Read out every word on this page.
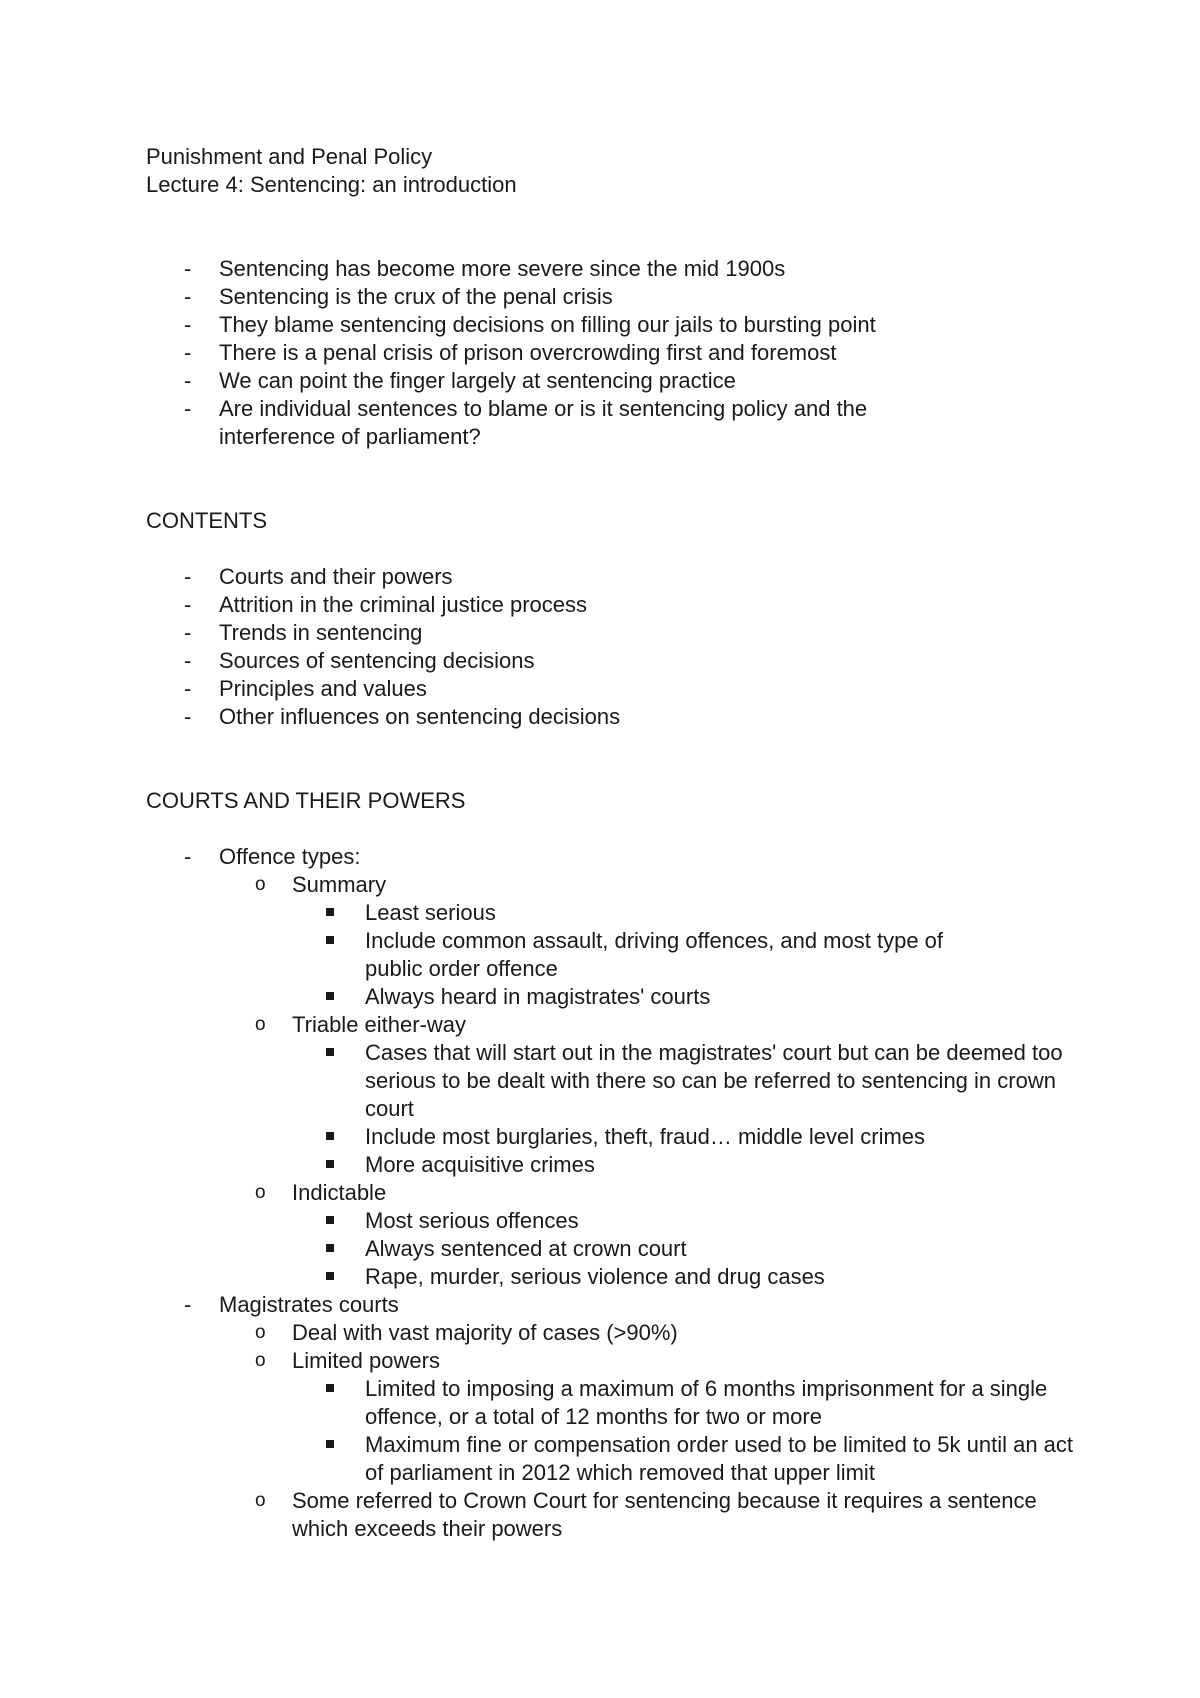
Punishment and Penal Policy
Lecture 4: Sentencing: an introduction
- Sentencing has become more severe since the mid 1900s
- Sentencing is the crux of the penal crisis
- They blame sentencing decisions on filling our jails to bursting point
- There is a penal crisis of prison overcrowding first and foremost
- We can point the finger largely at sentencing practice
- Are individual sentences to blame or is it sentencing policy and the interference of parliament?
CONTENTS
- Courts and their powers
- Attrition in the criminal justice process
- Trends in sentencing
- Sources of sentencing decisions
- Principles and values
- Other influences on sentencing decisions
COURTS AND THEIR POWERS
- Offence types:
o Summary
Least serious
Include common assault, driving offences, and most type of public order offence
Always heard in magistrates' courts
o Triable either-way
Cases that will start out in the magistrates' court but can be deemed too serious to be dealt with there so can be referred to sentencing in crown court
Include most burglaries, theft, fraud… middle level crimes
More acquisitive crimes
o Indictable
Most serious offences
Always sentenced at crown court
Rape, murder, serious violence and drug cases
- Magistrates courts
o Deal with vast majority of cases (>90%)
o Limited powers
Limited to imposing a maximum of 6 months imprisonment for a single offence, or a total of 12 months for two or more
Maximum fine or compensation order used to be limited to 5k until an act of parliament in 2012 which removed that upper limit
o Some referred to Crown Court for sentencing because it requires a sentence which exceeds their powers
